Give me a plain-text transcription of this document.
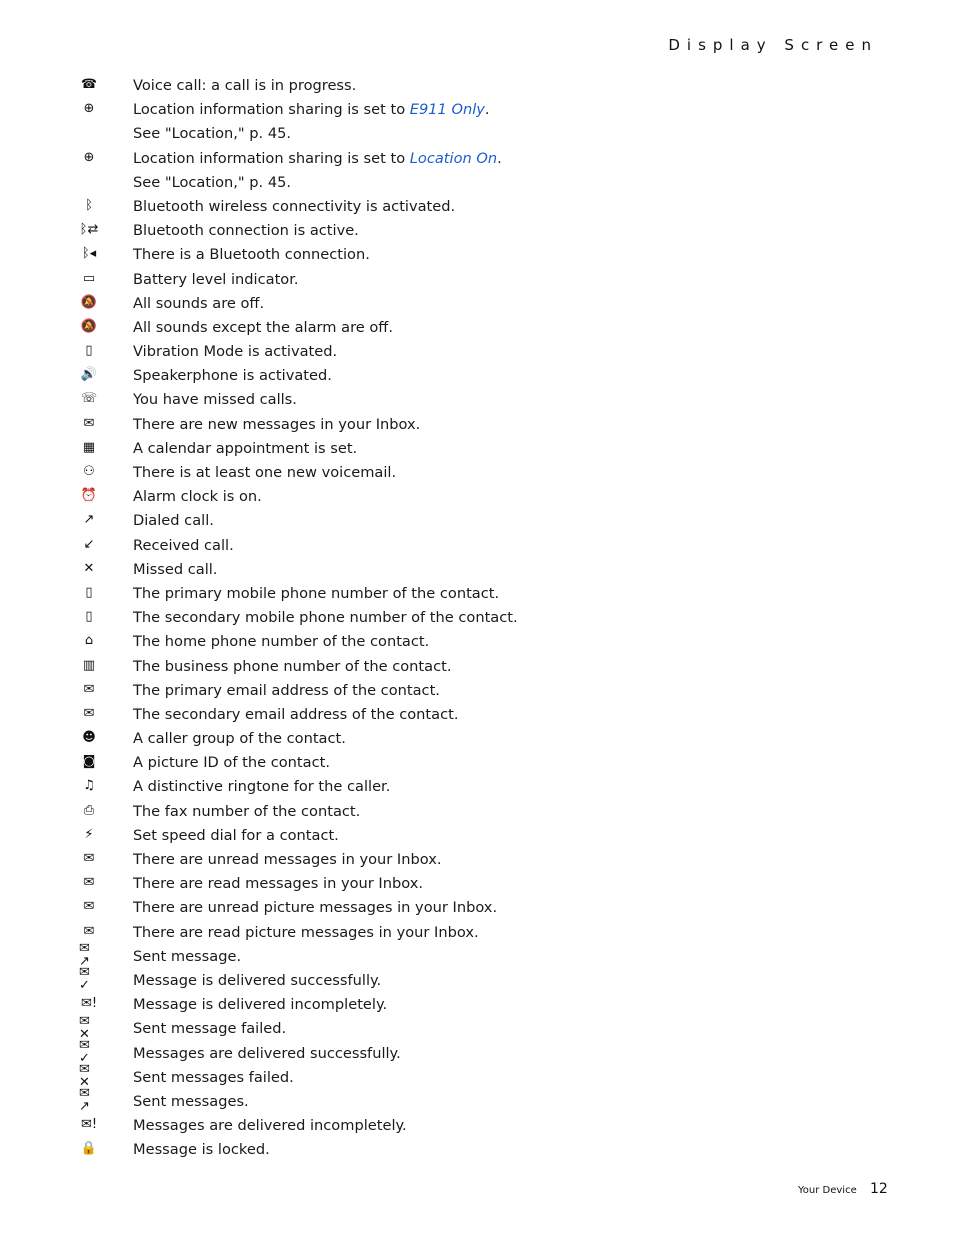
Display Screen
☎ Voice call: a call is in progress.
⊕	Location information sharing is set to E911 Only.
See "Location," p. 45.
⊕	Location information sharing is set to Location On.
See "Location," p. 45.
ᛒ	Bluetooth wireless connectivity is activated.
ᛒ⇄ Bluetooth connection is active.
ᛒ◂	There is a Bluetooth connection.
▭	Battery level indicator.
🔕 All sounds are off.
🔕 All sounds except the alarm are off.
▯	Vibration Mode is activated.
🔊 Speakerphone is activated.
☏ You have missed calls.
✉	There are new messages in your Inbox.
▦	A calendar appointment is set.
⚇	There is at least one new voicemail.
⏰ Alarm clock is on.
↗	Dialed call.
↙	Received call.
✕	Missed call.
▯	The primary mobile phone number of the contact.
▯	The secondary mobile phone number of the contact.
⌂	The home phone number of the contact.
▥	The business phone number of the contact.
✉	The primary email address of the contact.
✉	The secondary email address of the contact.
☻	A caller group of the contact.
◙	A picture ID of the contact.
♫	A distinctive ringtone for the caller.
⎙	The fax number of the contact.
⚡	Set speed dial for a contact.
✉	There are unread messages in your Inbox.
✉	There are read messages in your Inbox.
✉	There are unread picture messages in your Inbox.
✉	There are read picture messages in your Inbox.
✉↗	Sent message.
✉✓	Message is delivered successfully.
✉! Message is delivered incompletely.
✉✕	Sent message failed.
✉✓	Messages are delivered successfully.
✉✕	Sent messages failed.
✉↗	Sent messages.
✉! Messages are delivered incompletely.
🔒 Message is locked.
Your Device 12
